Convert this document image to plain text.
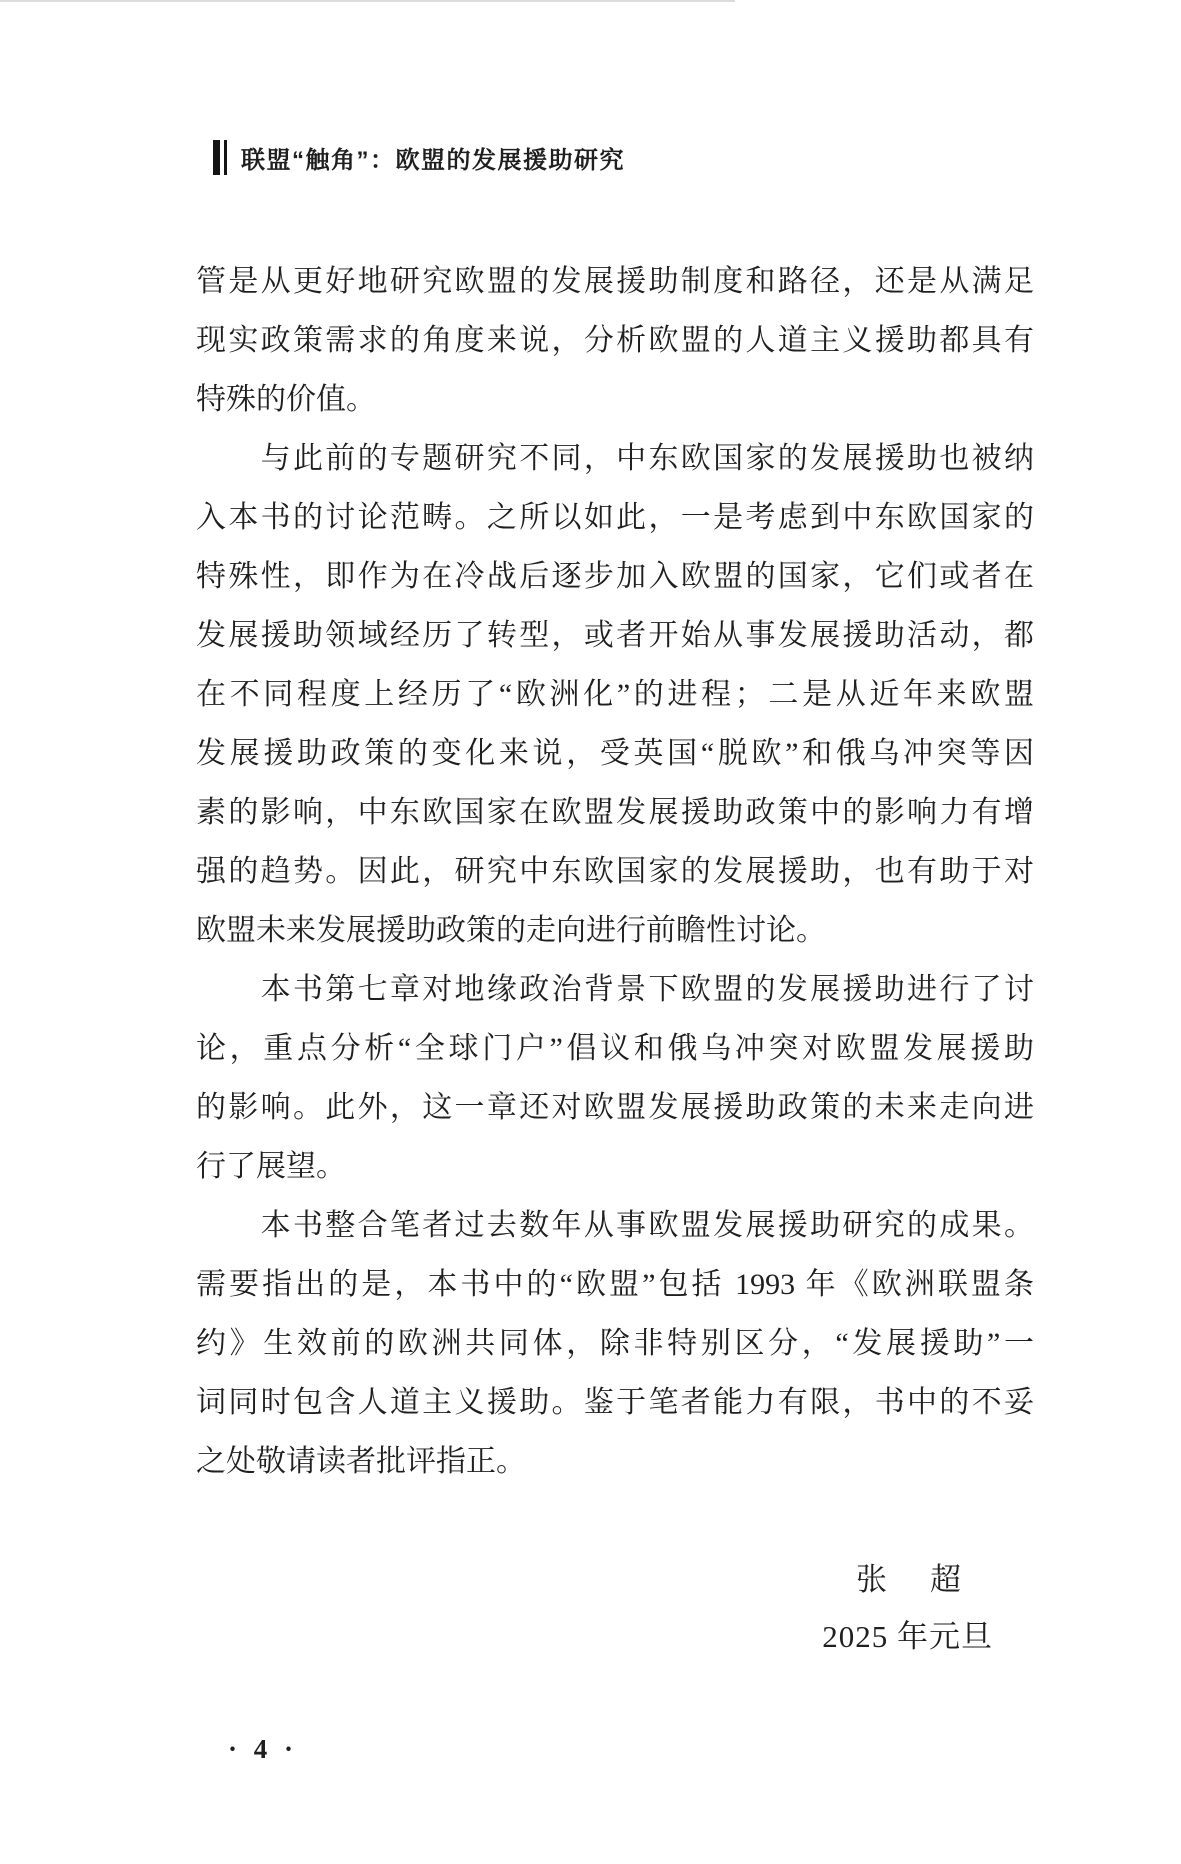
联盟“触角”：欧盟的发展援助研究

管是从更好地研究欧盟的发展援助制度和路径，还是从满足
现实政策需求的角度来说，分析欧盟的人道主义援助都具有
特殊的价值。

　　与此前的专题研究不同，中东欧国家的发展援助也被纳
入本书的讨论范畴。之所以如此，一是考虑到中东欧国家的
特殊性，即作为在冷战后逐步加入欧盟的国家，它们或者在
发展援助领域经历了转型，或者开始从事发展援助活动，都
在不同程度上经历了“欧洲化”的进程；二是从近年来欧盟
发展援助政策的变化来说，受英国“脱欧”和俄乌冲突等因
素的影响，中东欧国家在欧盟发展援助政策中的影响力有增
强的趋势。因此，研究中东欧国家的发展援助，也有助于对
欧盟未来发展援助政策的走向进行前瞻性讨论。

　　本书第七章对地缘政治背景下欧盟的发展援助进行了讨
论，重点分析“全球门户”倡议和俄乌冲突对欧盟发展援助
的影响。此外，这一章还对欧盟发展援助政策的未来走向进
行了展望。

　　本书整合笔者过去数年从事欧盟发展援助研究的成果。
需要指出的是，本书中的“欧盟”包括 1993 年《欧洲联盟条
约》生效前的欧洲共同体，除非特别区分，“发展援助”一
词同时包含人道主义援助。鉴于笔者能力有限，书中的不妥
之处敬请读者批评指正。

张　超
2025 年元旦
· 4 ·
